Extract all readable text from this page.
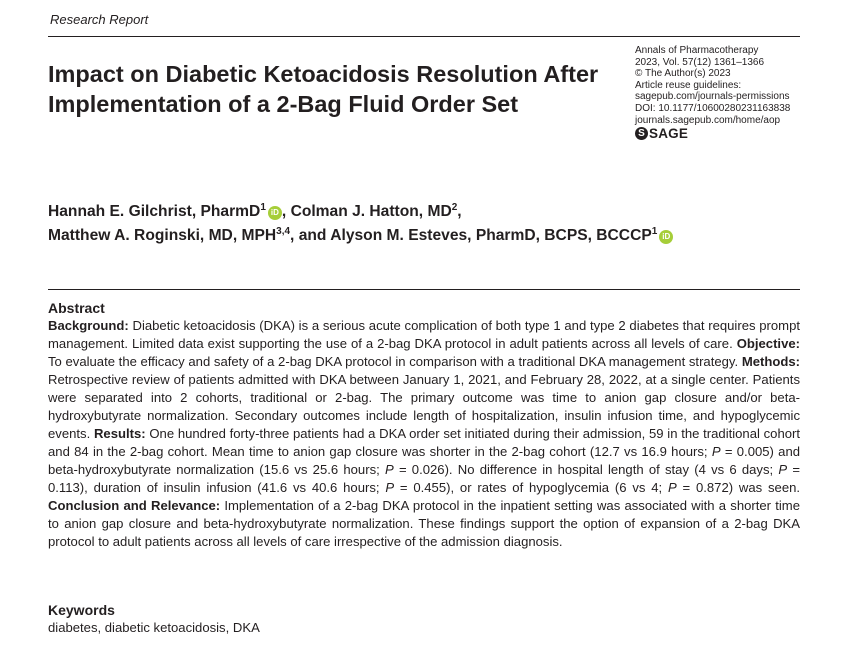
Research Report
Impact on Diabetic Ketoacidosis Resolution After Implementation of a 2-Bag Fluid Order Set
Annals of Pharmacotherapy
2023, Vol. 57(12) 1361–1366
© The Author(s) 2023
Article reuse guidelines:
sagepub.com/journals-permissions
DOI: 10.1177/10600280231163838
journals.sagepub.com/home/aop
S SAGE
Hannah E. Gilchrist, PharmD$^1$ iD , Colman J. Hatton, $MD^2$,
Matthew A. Roginski, MD, MPH$^{3,4}$, and Alyson M. Esteves, PharmD, BCPS, BCCCP$^1$ iD
Abstract
Background: Diabetic ketoacidosis (DKA) is a serious acute complication of both type 1 and type 2 diabetes that requires prompt management. Limited data exist supporting the use of a 2-bag DKA protocol in adult patients across all levels of care. Objective: To evaluate the efficacy and safety of a 2-bag DKA protocol in comparison with a traditional DKA management strategy. Methods: Retrospective review of patients admitted with DKA between January 1, 2021, and February 28, 2022, at a single center. Patients were separated into 2 cohorts, traditional or 2-bag. The primary outcome was time to anion gap closure and/or beta-hydroxybutyrate normalization. Secondary outcomes include length of hospitalization, insulin infusion time, and hypoglycemic events. Results: One hundred forty-three patients had a DKA order set initiated during their admission, 59 in the traditional cohort and 84 in the 2-bag cohort. Mean time to anion gap closure was shorter in the 2-bag cohort (12.7 vs 16.9 hours; P = 0.005) and beta-hydroxybutyrate normalization (15.6 vs 25.6 hours; P = 0.026). No difference in hospital length of stay (4 vs 6 days; P = 0.113), duration of insulin infusion (41.6 vs 40.6 hours; P = 0.455), or rates of hypoglycemia (6 vs 4; P = 0.872) was seen. Conclusion and Relevance: Implementation of a 2-bag DKA protocol in the inpatient setting was associated with a shorter time to anion gap closure and beta-hydroxybutyrate normalization. These findings support the option of expansion of a 2-bag DKA protocol to adult patients across all levels of care irrespective of the admission diagnosis.
Keywords
diabetes, diabetic ketoacidosis, DKA
